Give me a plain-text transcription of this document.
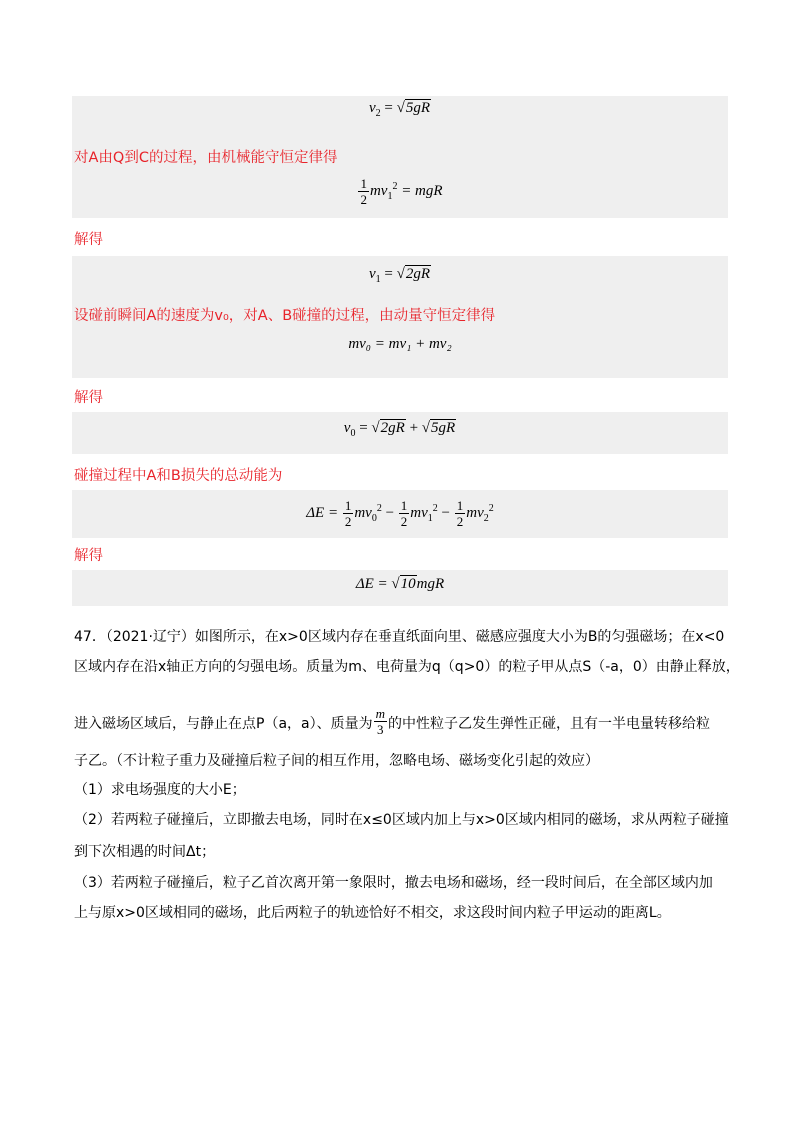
$v_2 = √5gR$
对A由Q到C的过程，由机械能守恒定律得
$\frac{1}{2} mv_1^2$ = mgR
解得
$v_1 = √2gR$
设碰前瞬间A的速度为v₀，对A、B碰撞的过程，由动量守恒定律得
mv₀ = mv₁ + mv₂
解得
$v_0 = √2gR + √5gR$
碰撞过程中A和B损失的总动能为
$\Delta E = \frac{1}{2} mv_0^2 - \frac{1}{2} mv_1^2 - \frac{1}{2} mv_2^2$
解得
ΔE = √10mgR
47．（2021·辽宁）如图所示，在x>0区域内存在垂直纸面向里、磁感应强度大小为B的匀强磁场；在x<0
区域内存在沿x轴正方向的匀强电场。质量为m、电荷量为q（q>0）的粒子甲从点S（-a，0）由静止释放，
进入磁场区域后，与静止在点P（a，a）、质量为 $\frac{m}{3}$ 的中性粒子乙发生弹性正碰，且有一半电量转移给粒
子乙。（不计粒子重力及碰撞后粒子间的相互作用，忽略电场、磁场变化引起的效应）
（1）求电场强度的大小E；
（2）若两粒子碰撞后，立即撤去电场，同时在x≤0区域内加上与x>0区域内相同的磁场，求从两粒子碰撞
到下次相遇的时间Δt；
（3）若两粒子碰撞后，粒子乙首次离开第一象限时，撤去电场和磁场，经一段时间后，在全部区域内加
上与原x>0区域相同的磁场，此后两粒子的轨迹恰好不相交，求这段时间内粒子甲运动的距离L。
